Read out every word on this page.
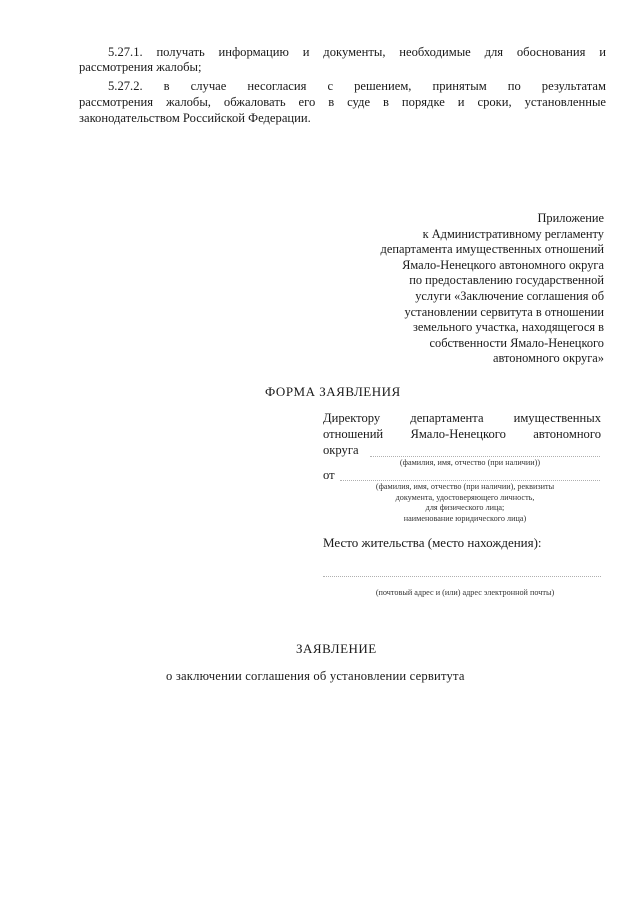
5.27.1. получать информацию и документы, необходимые для обоснования и
рассмотрения жалобы;
5.27.2. в случае несогласия с решением, принятым по результатам
рассмотрения жалобы, обжаловать его в суде в порядке и сроки, установленные
законодательством Российской Федерации.
Приложение
к Административному регламенту
департамента имущественных отношений
Ямало-Ненецкого автономного округа
по предоставлению государственной
услуги «Заключение соглашения об
установлении сервитута в отношении
земельного участка, находящегося в
собственности Ямало-Ненецкого
автономного округа»
ФОРМА ЗАЯВЛЕНИЯ
Директору департамента имущественных
отношений Ямало-Ненецкого автономного
округа
(фамилия, имя, отчество (при наличии))
от
(фамилия, имя, отчество (при наличии), реквизиты
документа, удостоверяющего личность,
для физического лица;
наименование юридического лица)
Место жительства (место нахождения):
(почтовый адрес и (или) адрес электронной почты)
ЗАЯВЛЕНИЕ
о заключении соглашения об установлении сервитута
